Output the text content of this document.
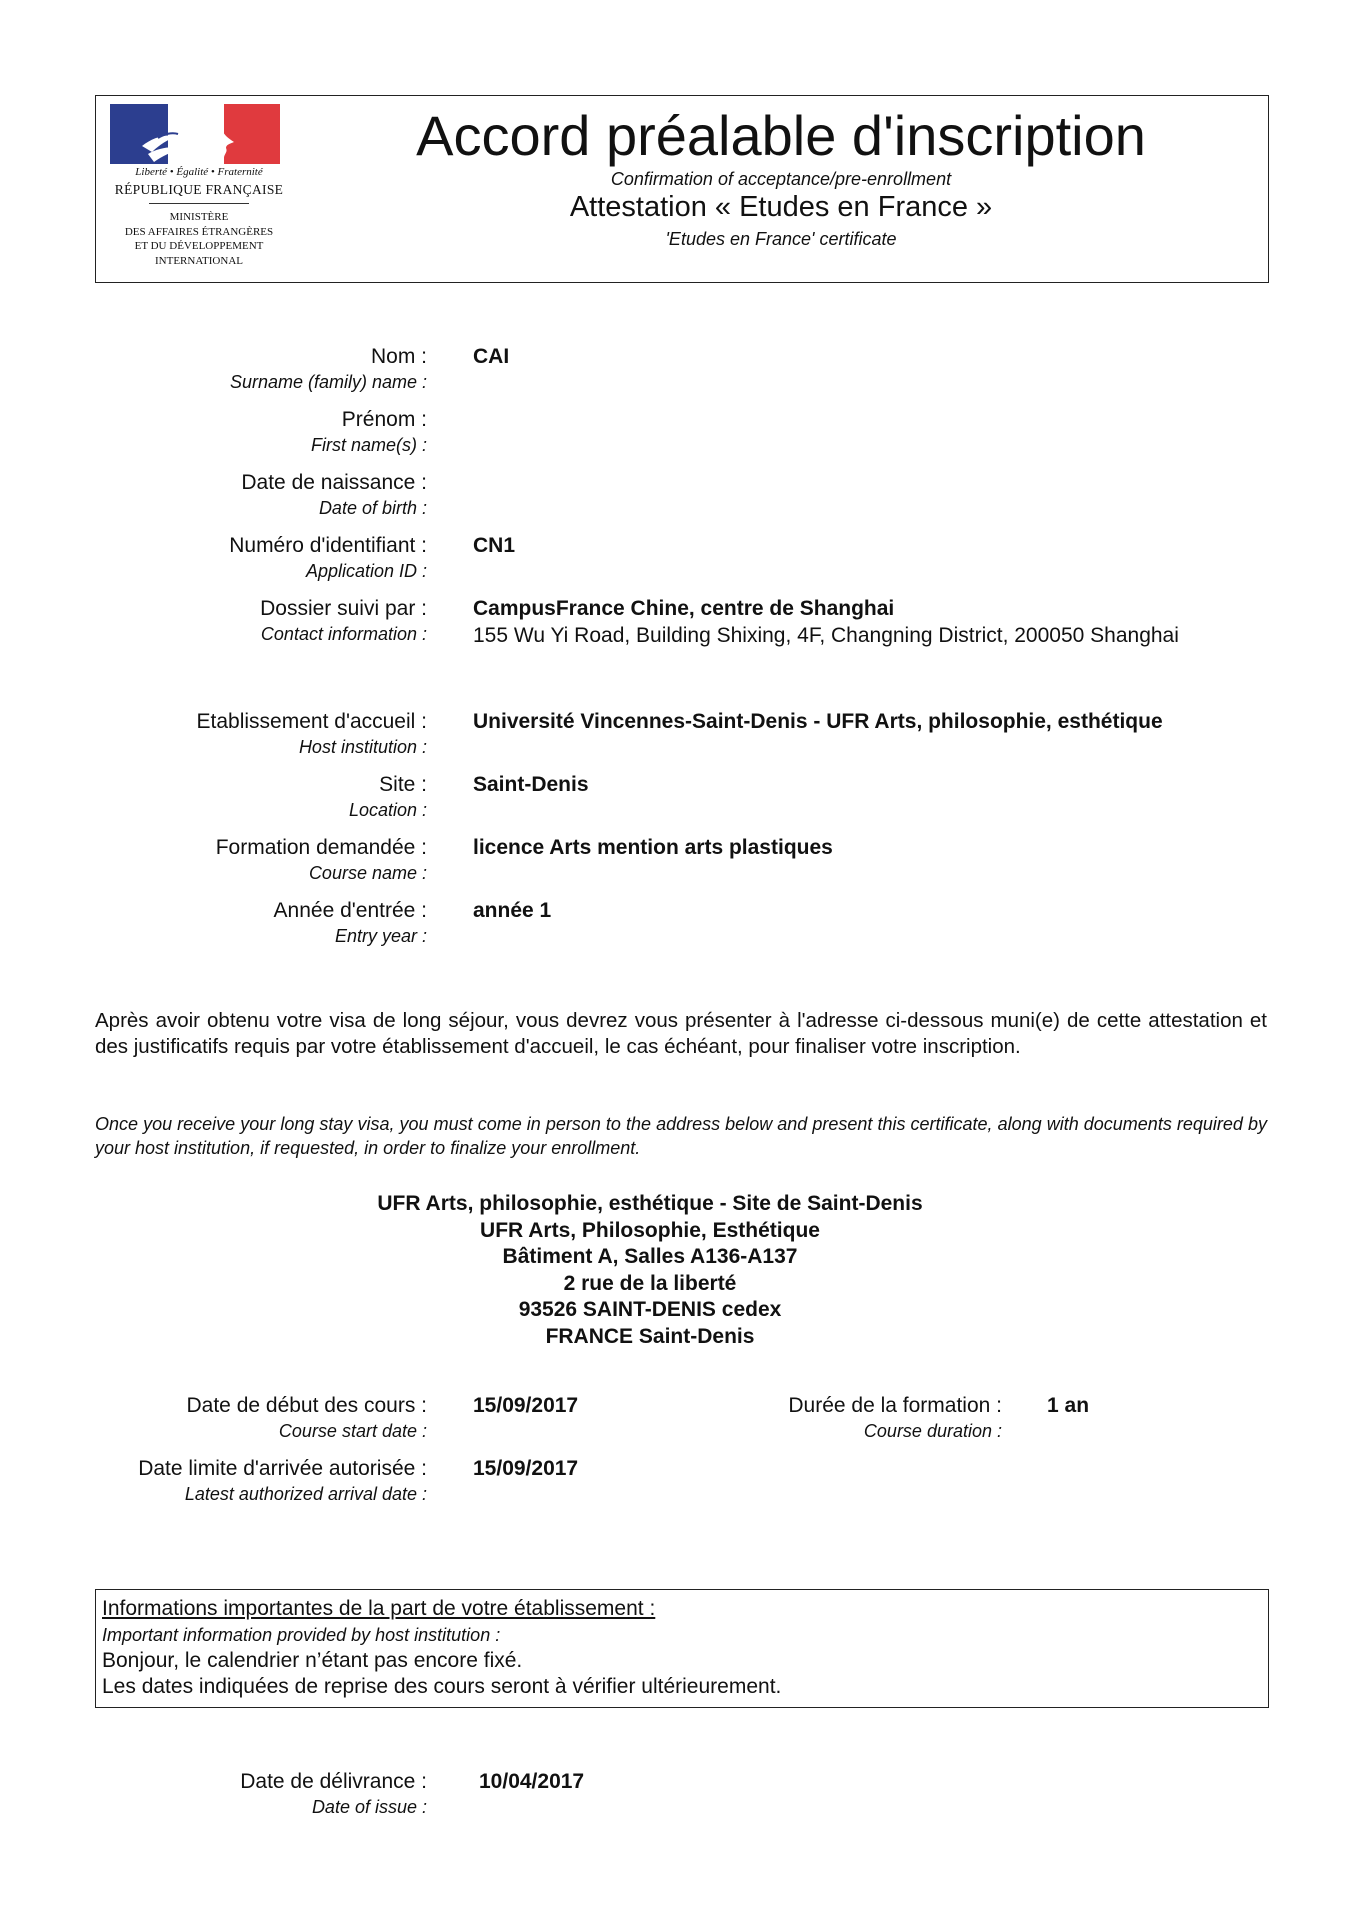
Liberté • Égalité • Fraternité
RÉPUBLIQUE FRANÇAISE
MINISTÈRE
DES AFFAIRES ÉTRANGÈRES
ET DU DÉVELOPPEMENT
INTERNATIONAL
Accord préalable d'inscription
Confirmation of acceptance/pre-enrollment
Attestation « Etudes en France »
'Etudes en France' certificate
Nom :
Surname (family) name :
CAI
Prénom :
First name(s) :
Date de naissance :
Date of birth :
Numéro d'identifiant :
Application ID :
CN1
Dossier suivi par :
Contact information :
CampusFrance Chine, centre de Shanghai
155 Wu Yi Road, Building Shixing, 4F, Changning District, 200050 Shanghai
Etablissement d'accueil :
Host institution :
Université Vincennes-Saint-Denis - UFR Arts, philosophie, esthétique
Site :
Location :
Saint-Denis
Formation demandée :
Course name :
licence Arts mention arts plastiques
Année d'entrée :
Entry year :
année 1
Après avoir obtenu votre visa de long séjour, vous devrez vous présenter à l'adresse ci-dessous muni(e) de cette attestation et des justificatifs requis par votre établissement d'accueil, le cas échéant, pour finaliser votre inscription.
Once you receive your long stay visa, you must come in person to the address below and present this certificate, along with documents required by your host institution, if requested, in order to finalize your enrollment.
UFR Arts, philosophie, esthétique - Site de Saint-Denis
UFR Arts, Philosophie, Esthétique
Bâtiment A, Salles A136-A137
2 rue de la liberté
93526 SAINT-DENIS cedex
FRANCE Saint-Denis
Date de début des cours :
Course start date :
15/09/2017	Durée de la formation :
Course duration :
1 an
Date limite d'arrivée autorisée :
Latest authorized arrival date :
15/09/2017
Informations importantes de la part de votre établissement :
Important information provided by host institution :
Bonjour, le calendrier n’étant pas encore fixé.
Les dates indiquées de reprise des cours seront à vérifier ultérieurement.
Date de délivrance :
Date of issue :
10/04/2017
